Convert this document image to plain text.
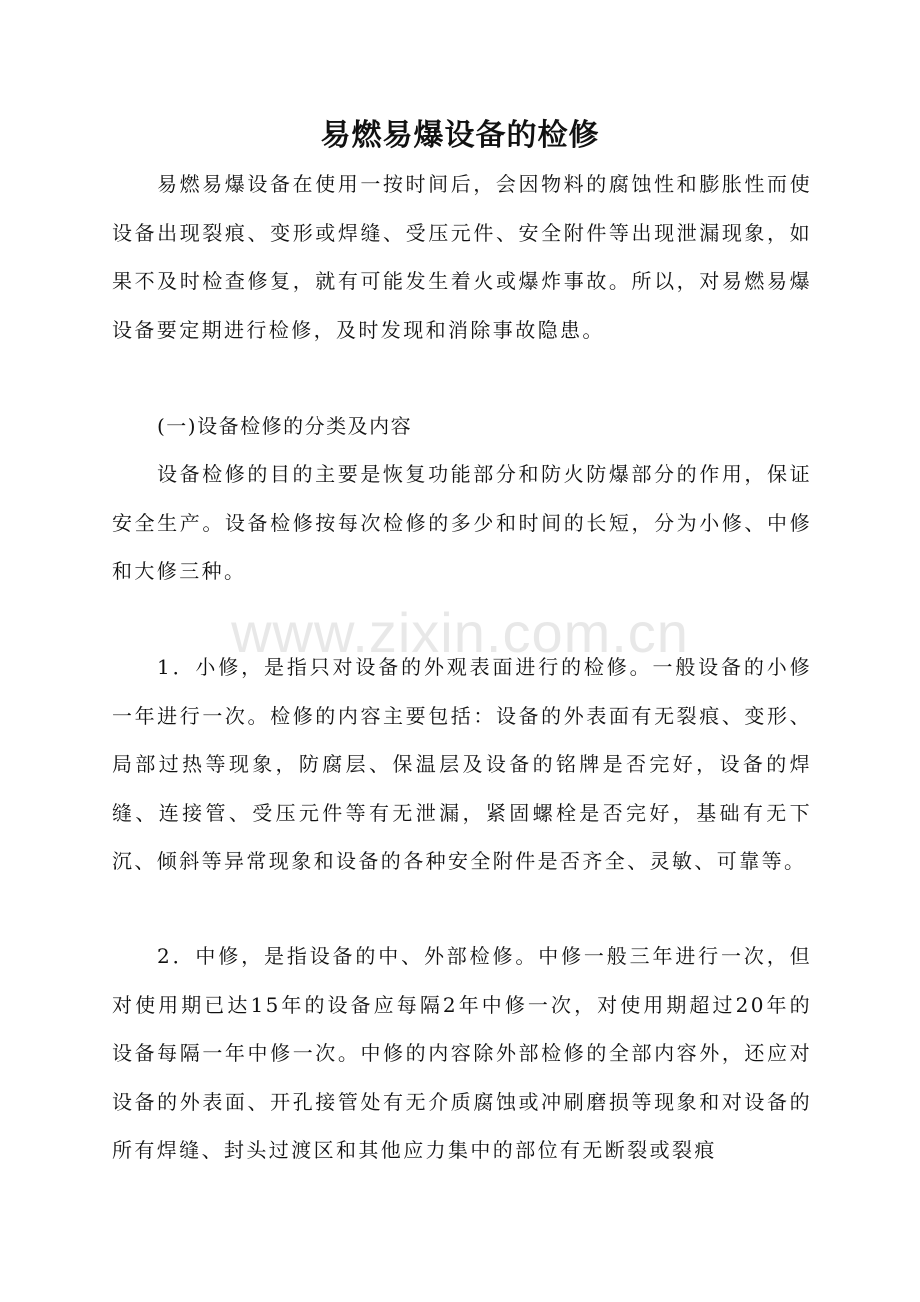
易燃易爆设备的检修

易燃易爆设备在使用一按时间后，会因物料的腐蚀性和膨胀性而使设备出现裂痕、变形或焊缝、受压元件、安全附件等出现泄漏现象，如果不及时检查修复，就有可能发生着火或爆炸事故。所以，对易燃易爆设备要定期进行检修，及时发现和消除事故隐患。

(一)设备检修的分类及内容

设备检修的目的主要是恢复功能部分和防火防爆部分的作用，保证安全生产。设备检修按每次检修的多少和时间的长短，分为小修、中修和大修三种。

www.zixin.com.cn

1．小修，是指只对设备的外观表面进行的检修。一般设备的小修一年进行一次。检修的内容主要包括：设备的外表面有无裂痕、变形、局部过热等现象，防腐层、保温层及设备的铭牌是否完好，设备的焊缝、连接管、受压元件等有无泄漏，紧固螺栓是否完好，基础有无下沉、倾斜等异常现象和设备的各种安全附件是否齐全、灵敏、可靠等。

2．中修，是指设备的中、外部检修。中修一般三年进行一次，但对使用期已达15年的设备应每隔2年中修一次，对使用期超过20年的设备每隔一年中修一次。中修的内容除外部检修的全部内容外，还应对设备的外表面、开孔接管处有无介质腐蚀或冲刷磨损等现象和对设备的所有焊缝、封头过渡区和其他应力集中的部位有无断裂或裂痕
